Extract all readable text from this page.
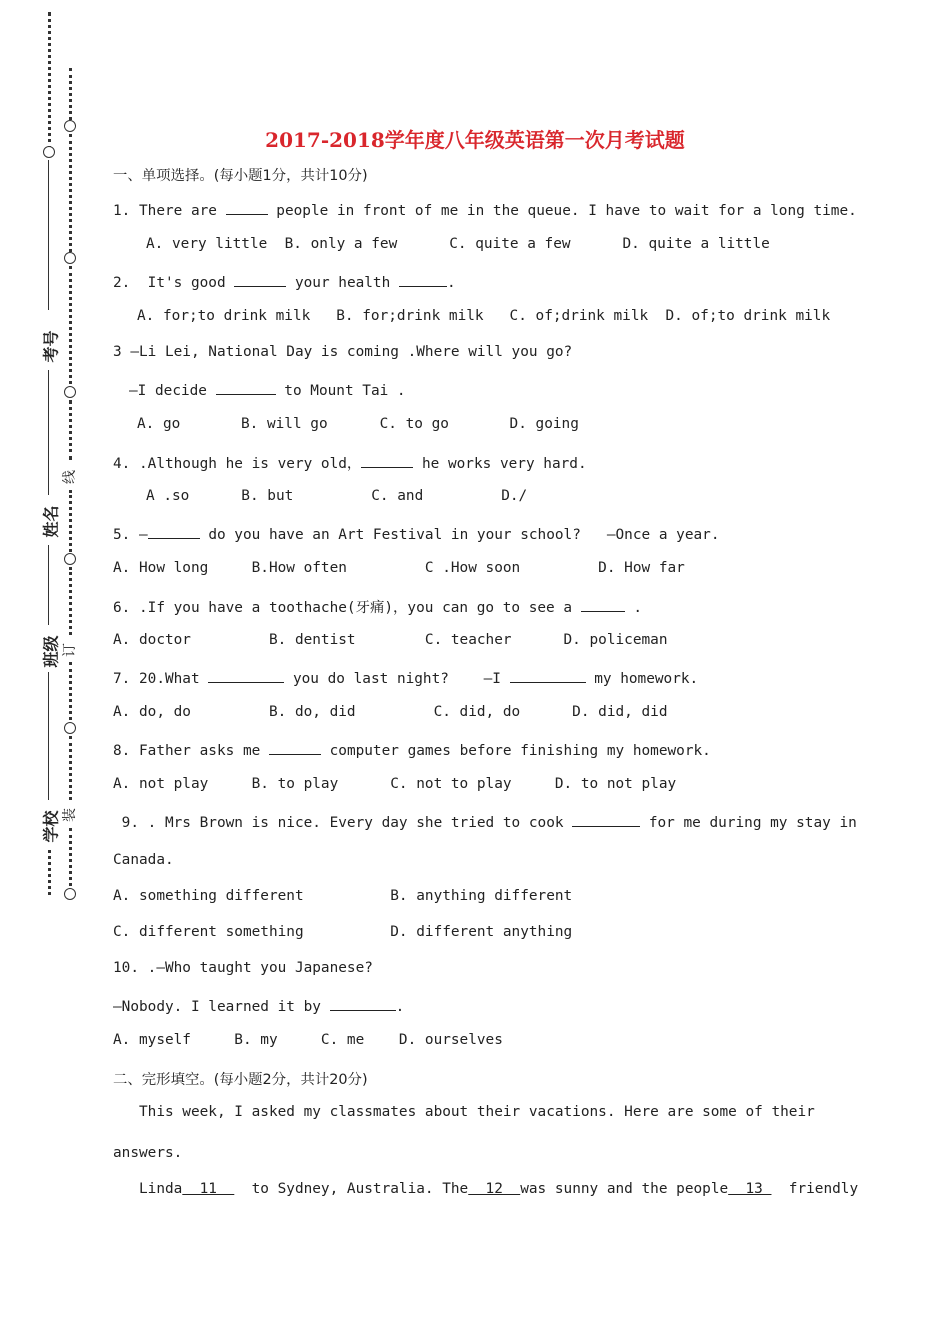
考号
姓名
班级
学校
线
订
装
2017-2018学年度八年级英语第一次月考试题
一、单项选择。(每小题1分，共计10分)
1. There are	people in front of me in the queue. I have to wait for a long time.
A. very little  B. only a few      C. quite a few      D. quite a little
2.  It's good	your health	.
A. for;to drink milk   B. for;drink milk   C. of;drink milk  D. of;to drink milk
3 —Li Lei, National Day is coming .Where will you go?
—I decide	to Mount Tai .
A. go       B. will go      C. to go       D. going
4. .Although he is very old，	he works very hard.
A .so      B. but         C. and         D./
5. —	do you have an Art Festival in your school?   —Once a year.
A. How long     B.How often         C .How soon         D. How far
6. .If you have a toothache(牙痛)，you can go to see a	.
A. doctor         B. dentist        C. teacher      D. policeman
7. 20.What	you do last night?    —I	my homework.
A. do, do         B. do, did         C. did, do      D. did, did
8. Father asks me	computer games before finishing my homework.
A. not play     B. to play      C. not to play     D. to not play
9. . Mrs Brown is nice. Every day she tried to cook	for me during my stay in
Canada.
A. something different          B. anything different
C. different something          D. different anything
10. .—Who taught you Japanese?
—Nobody. I learned it by	.
A. myself     B. my     C. me    D. ourselves
二、完形填空。(每小题2分，共计20分)
This week, I asked my classmates about their vacations. Here are some of their
answers.
Linda  11    to Sydney, Australia. The  12  was sunny and the people  13   friendly
